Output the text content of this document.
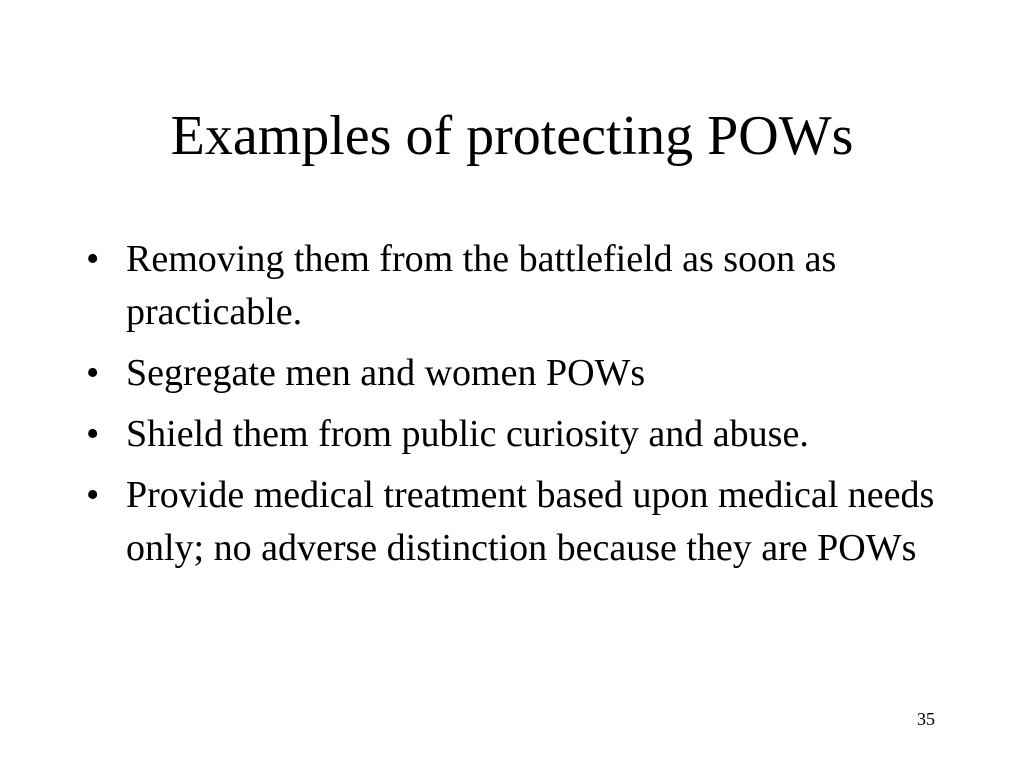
Examples of protecting POWs
• Removing them from the battlefield as soon as practicable.
• Segregate men and women POWs
• Shield them from public curiosity and abuse.
• Provide medical treatment based upon medical needs only; no adverse distinction because they are POWs
35
